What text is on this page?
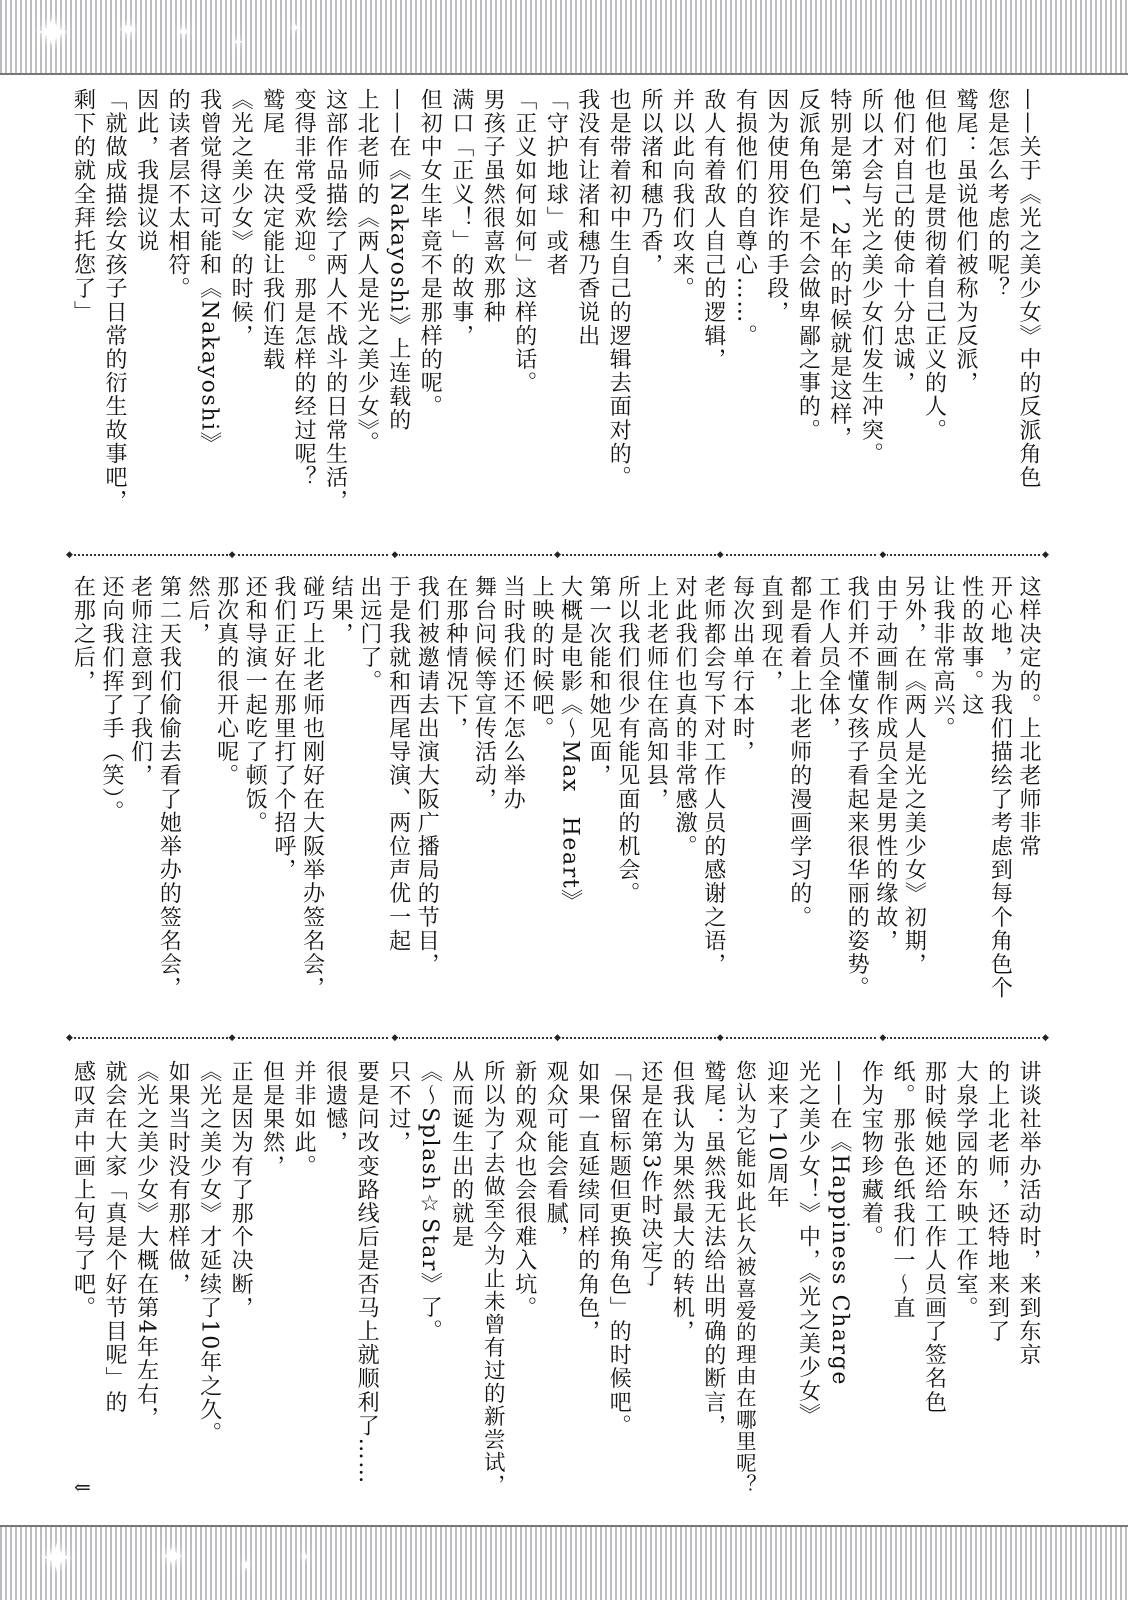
✦ ✦ ✦	✦
✦

——关于《光之美少女》中的反派角色

您是怎么考虑的呢？

鹫尾：虽说他们被称为反派，

但他们也是贯彻着自己正义的人。

他们对自己的使命十分忠诚，

所以才会与光之美少女们发生冲突。

特别是第1、2年的时候就是这样，

反派角色们是不会做卑鄙之事的。

因为使用狡诈的手段，

有损他们的自尊心……。

敌人有着敌人自己的逻辑，

并以此向我们攻来。

所以渚和穗乃香，

也是带着初中生自己的逻辑去面对的。

我没有让渚和穗乃香说出

「守护地球」或者

「正义如何如何」这样的话。

男孩子虽然很喜欢那种

满口「正义！」的故事，

但初中女生毕竟不是那样的呢。

——在《Nakayoshi》上连载的

上北老师的《两人是光之美少女》。

这部作品描绘了两人不战斗的日常生活，

变得非常受欢迎。那是怎样的经过呢？

鹫尾　在决定能让我们连载

《光之美少女》的时候，

我曾觉得这可能和《Nakayoshi》

的读者层不太相符。

因此，我提议说

「就做成描绘女孩子日常的衍生故事吧，

剩下的就全拜托您了」

◆	◆	◆	◆	◆	◆	◆

这样决定的。上北老师非常

开心地，为我们描绘了考虑到每个角色个

性的故事。这

让我非常高兴。

另外，在《两人是光之美少女》初期，

由于动画制作成员全是男性的缘故，

我们并不懂女孩子看起来很华丽的姿势。

工作人员全体，

都是看着上北老师的漫画学习的。

直到现在，

每次出单行本时，

老师都会写下对工作人员的感谢之语，

对此我们也真的非常感激。

上北老师住在高知县，

所以我们很少有能见面的机会。

第一次能和她见面，

大概是电影《～Max　Heart》

上映的时候吧。

当时我们还不怎么举办

舞台问候等宣传活动，

在那种情况下，

我们被邀请去出演大阪广播局的节目，

于是我就和西尾导演、两位声优一起

出远门了。

结果，

碰巧上北老师也刚好在大阪举办签名会，

我们正好在那里打了个招呼，

还和导演一起吃了顿饭。

那次真的很开心呢。

然后，

第二天我们偷偷去看了她举办的签名会，

老师注意到了我们，

还向我们挥了手（笑）。

在那之后，

◆	◆	◆	◆	◆	◆	◆

讲谈社举办活动时，来到东京

的上北老师，还特地来到了

大泉学园的东映工作室。

那时候她还给工作人员画了签名色

纸。那张色纸我们一～直

作为宝物珍藏着。

——在《Happiness Charge

光之美少女！》中，《光之美少女》

迎来了10周年

您认为它能如此长久被喜爱的理由在哪里呢？

鹫尾：虽然我无法给出明确的断言，

但我认为果然最大的转机，

还是在第3作时决定了

「保留标题但更换角色」的时候吧。

如果一直延续同样的角色，

观众可能会看腻，

新的观众也会很难入坑。

所以为了去做至今为止未曾有过的新尝试，

从而诞生出的就是

《～Splash☆Star》了。

只不过，

要是问改变路线后是否马上就顺利了……

很遗憾，

并非如此。

但是果然，

正是因为有了那个决断，

《光之美少女》才延续了10年之久。

如果当时没有那样做，

《光之美少女》大概在第4年左右，

就会在大家「真是个好节目呢」的

感叹声中画上句号了吧。

⇐
✦	✦	✦
✦
